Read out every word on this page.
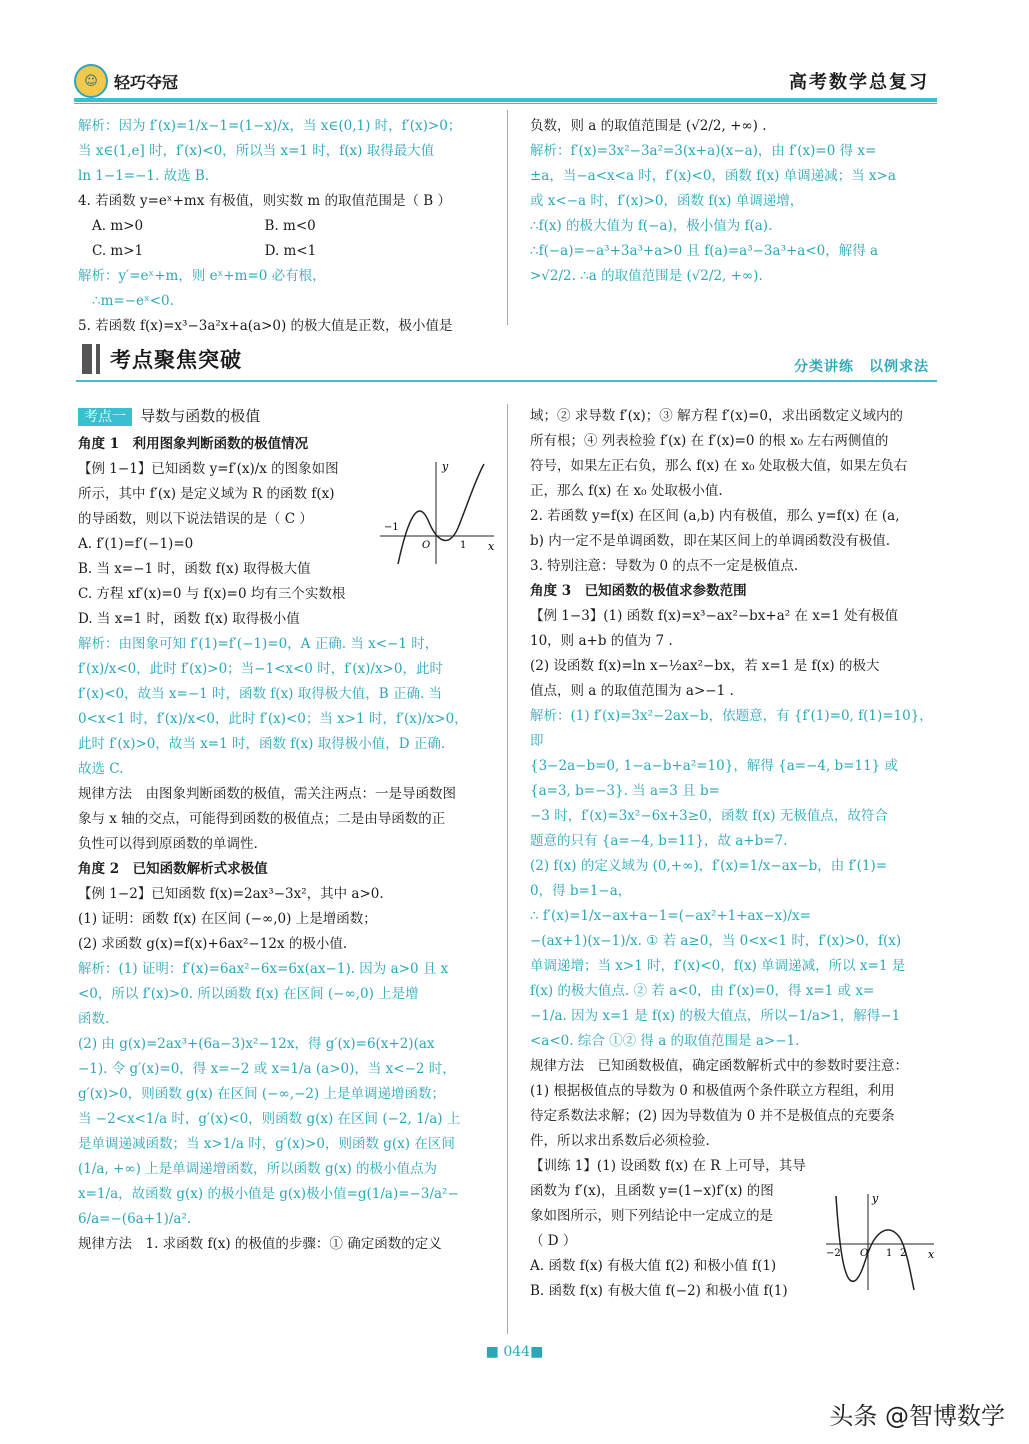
☺	轻巧夺冠	高考数学总复习

解析：因为 f′(x)=1/x−1=(1−x)/x，当 x∈(0,1) 时，f′(x)>0；

当 x∈(1,e] 时，f′(x)<0，所以当 x=1 时，f(x) 取得最大值

ln 1−1=−1. 故选 B.

4. 若函数 y=eˣ+mx 有极值，则实数 m 的取值范围是（ B ）

A. m>0　　　　　　　　　B. m<0

C. m>1　　　　　　　　　D. m<1

解析：y′=eˣ+m，则 eˣ+m=0 必有根，

∴m=−eˣ<0.

5. 若函数 f(x)=x³−3a²x+a(a>0) 的极大值是正数，极小值是

负数，则 a 的取值范围是 (√2/2, +∞) .

解析：f′(x)=3x²−3a²=3(x+a)(x−a)，由 f′(x)=0 得 x=

±a，当−a<x<a 时，f′(x)<0，函数 f(x) 单调递减；当 x>a

或 x<−a 时，f′(x)>0，函数 f(x) 单调递增，

∴f(x) 的极大值为 f(−a)，极小值为 f(a).

∴f(−a)=−a³+3a³+a>0 且 f(a)=a³−3a³+a<0，解得 a

>√2/2. ∴a 的取值范围是 (√2/2, +∞).

考点聚焦突破	分类讲练　以例求法

考点一 导数与函数的极值

角度 1　利用图象判断函数的极值情况

【例 1−1】已知函数 y=f′(x)/x 的图象如图

所示，其中 f′(x) 是定义域为 R 的函数 f(x)

的导函数，则以下说法错误的是（ C ）

A. f′(1)=f′(−1)=0

B. 当 x=−1 时，函数 f(x) 取得极大值

C. 方程 xf′(x)=0 与 f(x)=0 均有三个实数根

D. 当 x=1 时，函数 f(x) 取得极小值

解析：由图象可知 f′(1)=f′(−1)=0，A 正确. 当 x<−1 时，

f′(x)/x<0，此时 f′(x)>0；当−1<x<0 时，f′(x)/x>0，此时

f′(x)<0，故当 x=−1 时，函数 f(x) 取得极大值，B 正确. 当

0<x<1 时，f′(x)/x<0，此时 f′(x)<0；当 x>1 时，f′(x)/x>0，

此时 f′(x)>0，故当 x=1 时，函数 f(x) 取得极小值，D 正确.

故选 C.

规律方法　由图象判断函数的极值，需关注两点：一是导函数图

象与 x 轴的交点，可能得到函数的极值点；二是由导函数的正

负性可以得到原函数的单调性.

角度 2　已知函数解析式求极值

【例 1−2】已知函数 f(x)=2ax³−3x²，其中 a>0.

(1) 证明：函数 f(x) 在区间 (−∞,0) 上是增函数；

(2) 求函数 g(x)=f(x)+6ax²−12x 的极小值.

解析：(1) 证明：f′(x)=6ax²−6x=6x(ax−1). 因为 a>0 且 x

<0，所以 f′(x)>0. 所以函数 f(x) 在区间 (−∞,0) 上是增

函数.

(2) 由 g(x)=2ax³+(6a−3)x²−12x，得 g′(x)=6(x+2)(ax

−1). 令 g′(x)=0，得 x=−2 或 x=1/a (a>0)，当 x<−2 时，

g′(x)>0，则函数 g(x) 在区间 (−∞,−2) 上是单调递增函数；

当 −2<x<1/a 时，g′(x)<0，则函数 g(x) 在区间 (−2, 1/a) 上

是单调递减函数；当 x>1/a 时，g′(x)>0，则函数 g(x) 在区间

(1/a, +∞) 上是单调递增函数，所以函数 g(x) 的极小值点为

x=1/a，故函数 g(x) 的极小值是 g(x)极小值=g(1/a)=−3/a²−

6/a=−(6a+1)/a².

规律方法　1. 求函数 f(x) 的极值的步骤：① 确定函数的定义

y
x
O
−1
1

域；② 求导数 f′(x)；③ 解方程 f′(x)=0，求出函数定义域内的

所有根；④ 列表检验 f′(x) 在 f′(x)=0 的根 x₀ 左右两侧值的

符号，如果左正右负，那么 f(x) 在 x₀ 处取极大值，如果左负右

正，那么 f(x) 在 x₀ 处取极小值.

2. 若函数 y=f(x) 在区间 (a,b) 内有极值，那么 y=f(x) 在 (a,

b) 内一定不是单调函数，即在某区间上的单调函数没有极值.

3. 特别注意：导数为 0 的点不一定是极值点.

角度 3　已知函数的极值求参数范围

【例 1−3】(1) 函数 f(x)=x³−ax²−bx+a² 在 x=1 处有极值

10，则 a+b 的值为 7 .

(2) 设函数 f(x)=ln x−½ax²−bx，若 x=1 是 f(x) 的极大

值点，则 a 的取值范围为 a>−1 .

解析：(1) f′(x)=3x²−2ax−b，依题意，有 {f′(1)=0, f(1)=10}，即

{3−2a−b=0, 1−a−b+a²=10}，解得 {a=−4, b=11} 或 {a=3, b=−3}. 当 a=3 且 b=

−3 时，f′(x)=3x²−6x+3≥0，函数 f(x) 无极值点，故符合

题意的只有 {a=−4, b=11}，故 a+b=7.

(2) f(x) 的定义域为 (0,+∞)，f′(x)=1/x−ax−b，由 f′(1)=

0，得 b=1−a，

∴ f′(x)=1/x−ax+a−1=(−ax²+1+ax−x)/x=

−(ax+1)(x−1)/x. ① 若 a≥0，当 0<x<1 时，f′(x)>0，f(x)

单调递增；当 x>1 时，f′(x)<0，f(x) 单调递减，所以 x=1 是

f(x) 的极大值点. ② 若 a<0，由 f′(x)=0，得 x=1 或 x=

−1/a. 因为 x=1 是 f(x) 的极大值点，所以−1/a>1，解得−1

<a<0. 综合 ①② 得 a 的取值范围是 a>−1.

规律方法　已知函数极值，确定函数解析式中的参数时要注意：

(1) 根据极值点的导数为 0 和极值两个条件联立方程组，利用

待定系数法求解；(2) 因为导数值为 0 并不是极值点的充要条

件，所以求出系数后必须检验.

【训练 1】(1) 设函数 f(x) 在 R 上可导，其导

函数为 f′(x)，且函数 y=(1−x)f′(x) 的图

象如图所示，则下列结论中一定成立的是

（ D ）

A. 函数 f(x) 有极大值 f(2) 和极小值 f(1)

B. 函数 f(x) 有极大值 f(−2) 和极小值 f(1)

y
x
O
−2	1 2
■ 044■
头条 @智博数学
